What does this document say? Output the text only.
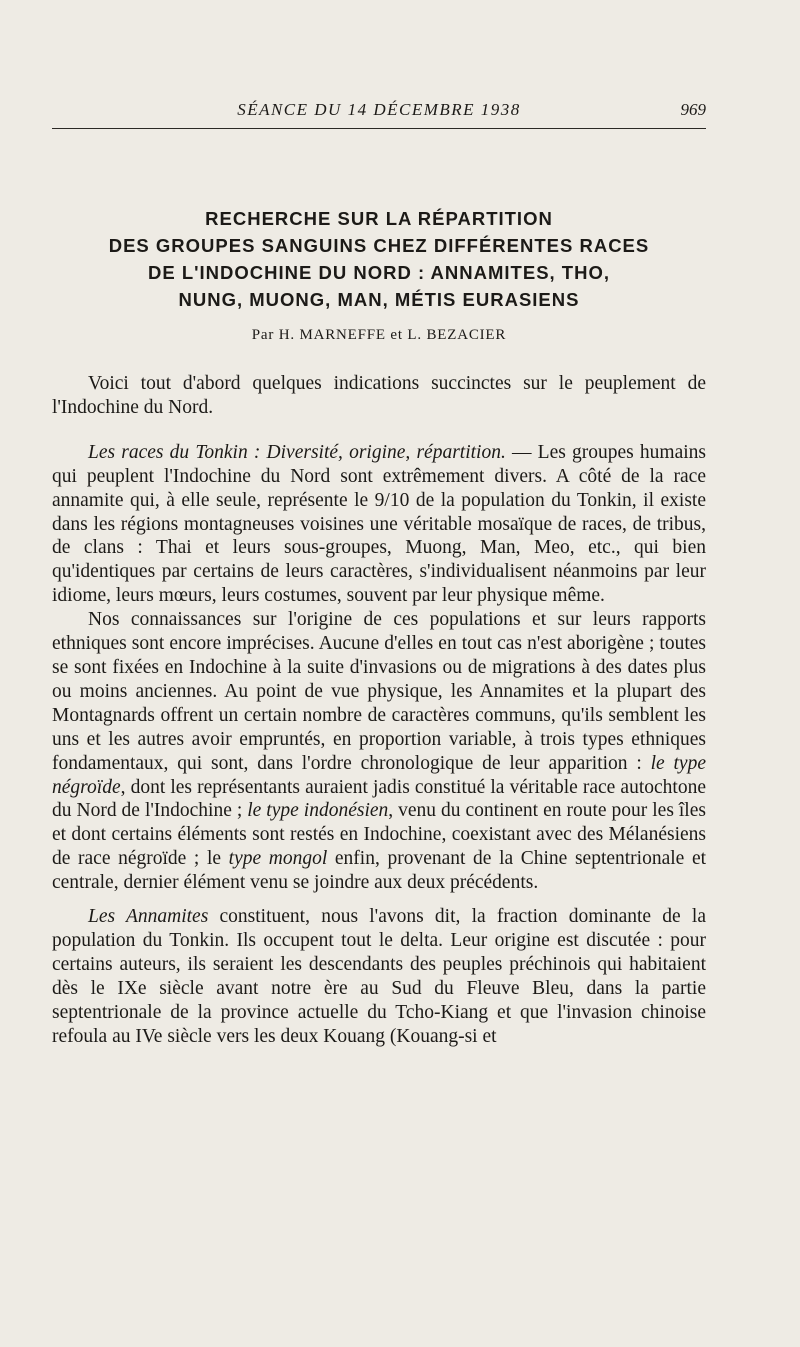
SÉANCE DU 14 DÉCEMBRE 1938	969
RECHERCHE SUR LA RÉPARTITION
DES GROUPES SANGUINS CHEZ DIFFÉRENTES RACES
DE L'INDOCHINE DU NORD : ANNAMITES, THO,
NUNG, MUONG, MAN, MÉTIS EURASIENS
Par H. MARNEFFE et L. BEZACIER

Voici tout d'abord quelques indications succinctes sur le peuplement de l'Indochine du Nord.

Les races du Tonkin : Diversité, origine, répartition. — Les groupes humains qui peuplent l'Indochine du Nord sont extrêmement divers. A côté de la race annamite qui, à elle seule, représente le 9/10 de la population du Tonkin, il existe dans les régions montagneuses voisines une véritable mosaïque de races, de tribus, de clans : Thai et leurs sous-groupes, Muong, Man, Meo, etc., qui bien qu'identiques par certains de leurs caractères, s'individualisent néanmoins par leur idiome, leurs mœurs, leurs costumes, souvent par leur physique même.

Nos connaissances sur l'origine de ces populations et sur leurs rapports ethniques sont encore imprécises. Aucune d'elles en tout cas n'est aborigène ; toutes se sont fixées en Indochine à la suite d'invasions ou de migrations à des dates plus ou moins anciennes. Au point de vue physique, les Annamites et la plupart des Montagnards offrent un certain nombre de caractères communs, qu'ils semblent les uns et les autres avoir empruntés, en proportion variable, à trois types ethniques fondamentaux, qui sont, dans l'ordre chronologique de leur apparition : le type négroïde, dont les représentants auraient jadis constitué la véritable race autochtone du Nord de l'Indochine ; le type indonésien, venu du continent en route pour les îles et dont certains éléments sont restés en Indochine, coexistant avec des Mélanésiens de race négroïde ; le type mongol enfin, provenant de la Chine septentrionale et centrale, dernier élément venu se joindre aux deux précédents.

Les Annamites constituent, nous l'avons dit, la fraction dominante de la population du Tonkin. Ils occupent tout le delta. Leur origine est discutée : pour certains auteurs, ils seraient les descendants des peuples préchinois qui habitaient dès le IXe siècle avant notre ère au Sud du Fleuve Bleu, dans la partie septentrionale de la province actuelle du Tcho-Kiang et que l'invasion chinoise refoula au IVe siècle vers les deux Kouang (Kouang-si et
